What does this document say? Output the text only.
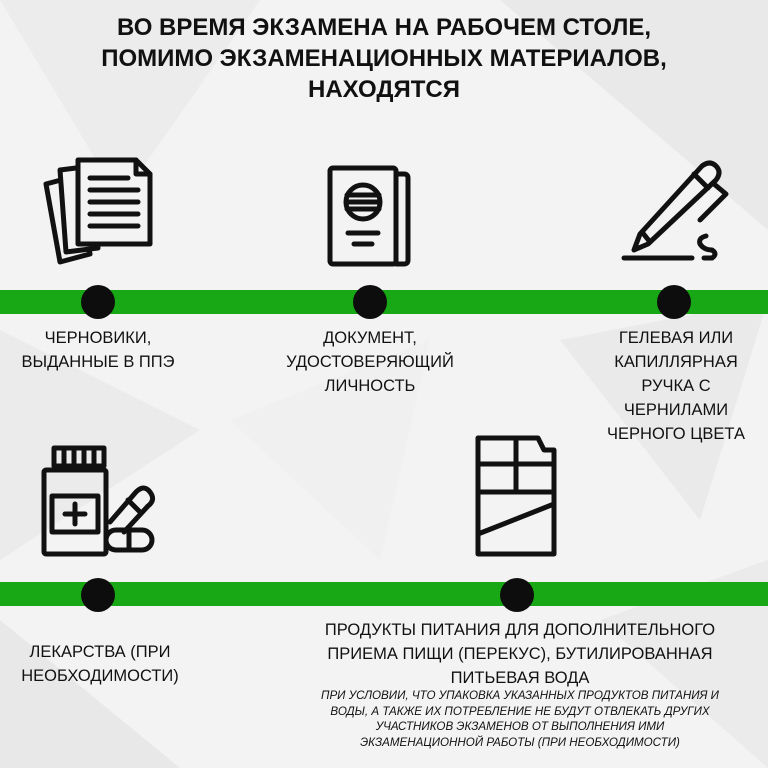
ВО ВРЕМЯ ЭКЗАМЕНА НА РАБОЧЕМ СТОЛЕ,
ПОМИМО ЭКЗАМЕНАЦИОННЫХ МАТЕРИАЛОВ,
НАХОДЯТСЯ

ЧЕРНОВИКИ,
ВЫДАННЫЕ В ППЭ

ДОКУМЕНТ,
УДОСТОВЕРЯЮЩИЙ
ЛИЧНОСТЬ

ГЕЛЕВАЯ ИЛИ
КАПИЛЛЯРНАЯ
РУЧКА С
ЧЕРНИЛАМИ
ЧЕРНОГО ЦВЕТА

ЛЕКАРСТВА (ПРИ
НЕОБХОДИМОСТИ)

ПРОДУКТЫ ПИТАНИЯ ДЛЯ ДОПОЛНИТЕЛЬНОГО
ПРИЕМА ПИЩИ (ПЕРЕКУС), БУТИЛИРОВАННАЯ
ПИТЬЕВАЯ ВОДА

ПРИ УСЛОВИИ, ЧТО УПАКОВКА УКАЗАННЫХ ПРОДУКТОВ ПИТАНИЯ И
ВОДЫ, А ТАКЖЕ ИХ ПОТРЕБЛЕНИЕ НЕ БУДУТ ОТВЛЕКАТЬ ДРУГИХ
УЧАСТНИКОВ ЭКЗАМЕНОВ ОТ ВЫПОЛНЕНИЯ ИМИ
ЭКЗАМЕНАЦИОННОЙ РАБОТЫ (ПРИ НЕОБХОДИМОСТИ)
